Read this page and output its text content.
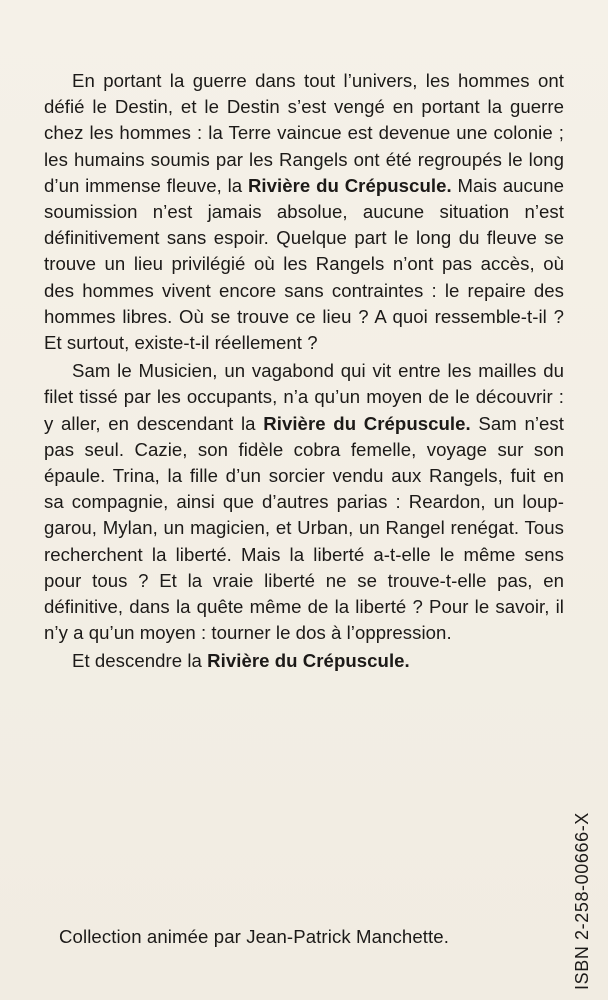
En portant la guerre dans tout l’univers, les hommes ont défié le Destin, et le Destin s’est vengé en portant la guerre chez les hommes : la Terre vaincue est devenue une colonie ; les humains soumis par les Rangels ont été regroupés le long d’un immense fleuve, la Rivière du Crépuscule. Mais aucune soumission n’est jamais absolue, aucune situation n’est définitivement sans espoir. Quelque part le long du fleuve se trouve un lieu privilégié où les Rangels n’ont pas accès, où des hommes vivent encore sans contraintes : le repaire des hommes libres. Où se trouve ce lieu ? A quoi ressemble-t-il ? Et surtout, existe-t-il réellement ?

Sam le Musicien, un vagabond qui vit entre les mailles du filet tissé par les occupants, n’a qu’un moyen de le découvrir : y aller, en descendant la Rivière du Crépuscule. Sam n’est pas seul. Cazie, son fidèle cobra femelle, voyage sur son épaule. Trina, la fille d’un sorcier vendu aux Rangels, fuit en sa compagnie, ainsi que d’autres parias : Reardon, un loup-garou, Mylan, un magicien, et Urban, un Rangel renégat. Tous recherchent la liberté. Mais la liberté a-t-elle le même sens pour tous ? Et la vraie liberté ne se trouve-t-elle pas, en définitive, dans la quête même de la liberté ? Pour le savoir, il n’y a qu’un moyen : tourner le dos à l’oppression.

Et descendre la Rivière du Crépuscule.

ISBN 2-258-00666-X
Collection animée par Jean-Patrick Manchette.
